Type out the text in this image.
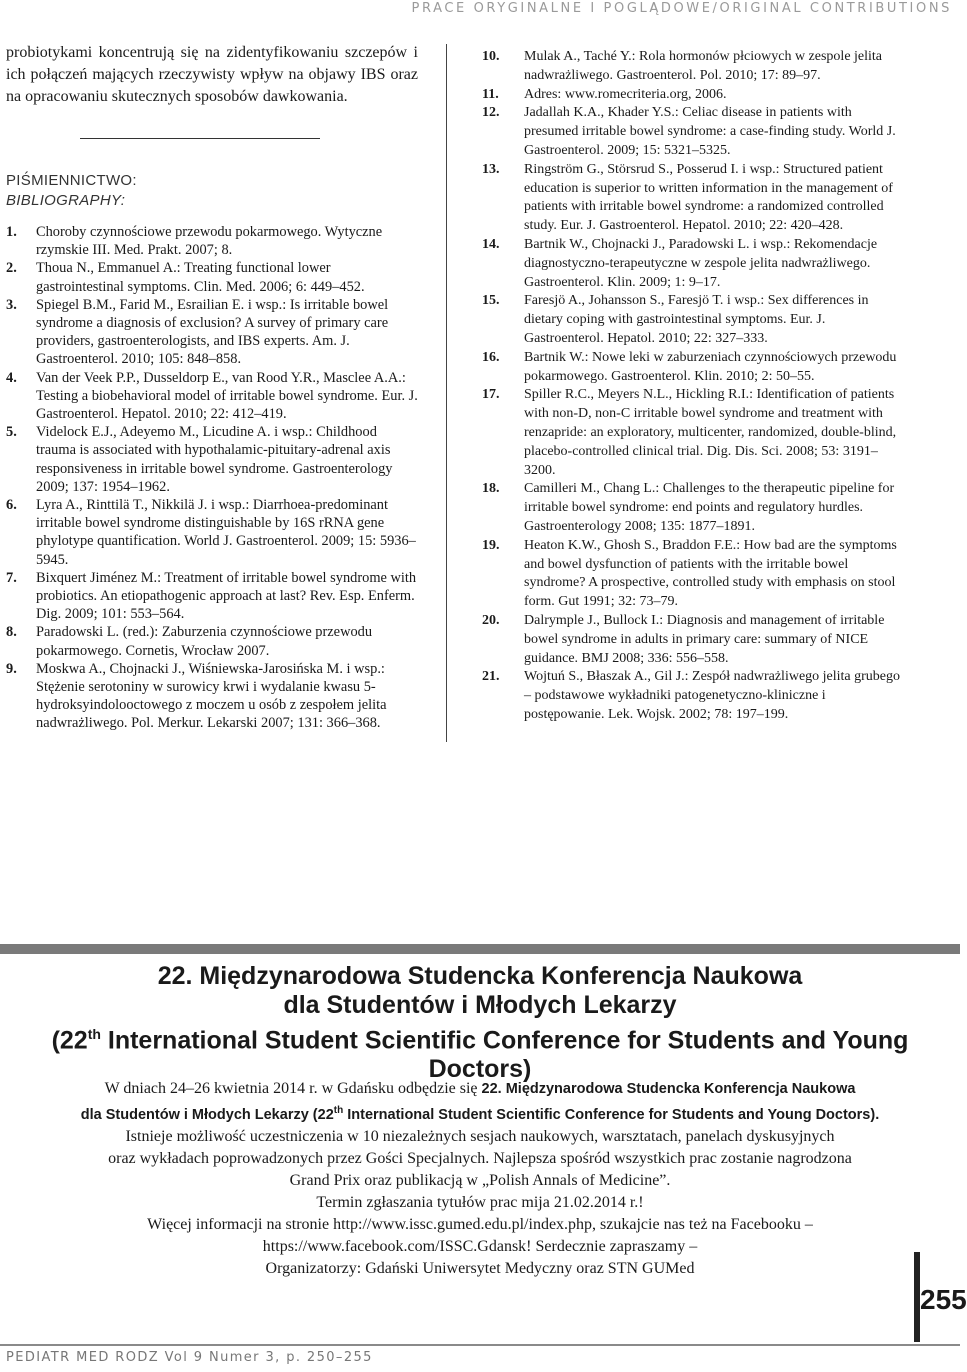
PRACE ORYGINALNE I POGLĄDOWE/ORIGINAL CONTRIBUTIONS

probiotykami koncentrują się na zidentyfikowaniu szczepów i ich połączeń mających rzeczywisty wpływ na objawy IBS oraz na opracowaniu skutecznych sposobów dawkowania.

PIŚMIENNICTWO:
BIBLIOGRAPHY:
1.	Choroby czynnościowe przewodu pokarmowego. Wytyczne rzymskie III. Med. Prakt. 2007; 8.
2.	Thoua N., Emmanuel A.: Treating functional lower gastrointestinal symptoms. Clin. Med. 2006; 6: 449–452.
3.	Spiegel B.M., Farid M., Esrailian E. i wsp.: Is irritable bowel syndrome a diagnosis of exclusion? A survey of primary care providers, gastroenterologists, and IBS experts. Am. J. Gastroenterol. 2010; 105: 848–858.
4.	Van der Veek P.P., Dusseldorp E., van Rood Y.R., Masclee A.A.: Testing a biobehavioral model of irritable bowel syndrome. Eur. J. Gastroenterol. Hepatol. 2010; 22: 412–419.
5.	Videlock E.J., Adeyemo M., Licudine A. i wsp.: Childhood trauma is associated with hypothalamic-pituitary-adrenal axis responsiveness in irritable bowel syndrome. Gastroenterology 2009; 137: 1954–1962.
6.	Lyra A., Rinttilä T., Nikkilä J. i wsp.: Diarrhoea-predominant irritable bowel syndrome distinguishable by 16S rRNA gene phylotype quantification. World J. Gastroenterol. 2009; 15: 5936–5945.
7.	Bixquert Jiménez M.: Treatment of irritable bowel syndrome with probiotics. An etiopathogenic approach at last? Rev. Esp. Enferm. Dig. 2009; 101: 553–564.
8.	Paradowski L. (red.): Zaburzenia czynnościowe przewodu pokarmowego. Cornetis, Wrocław 2007.
9.	Moskwa A., Chojnacki J., Wiśniewska-Jarosińska M. i wsp.: Stężenie serotoniny w surowicy krwi i wydalanie kwasu 5-hydroksyindolooctowego z moczem u osób z zespołem jelita nadwrażliwego. Pol. Merkur. Lekarski 2007; 131: 366–368.
10.	Mulak A., Taché Y.: Rola hormonów płciowych w zespole jelita nadwrażliwego. Gastroenterol. Pol. 2010; 17: 89–97.
11.	Adres: www.romecriteria.org, 2006.
12.	Jadallah K.A., Khader Y.S.: Celiac disease in patients with presumed irritable bowel syndrome: a case-finding study. World J. Gastroenterol. 2009; 15: 5321–5325.
13.	Ringström G., Störsrud S., Posserud I. i wsp.: Structured patient education is superior to written information in the management of patients with irritable bowel syndrome: a randomized controlled study. Eur. J. Gastroenterol. Hepatol. 2010; 22: 420–428.
14.	Bartnik W., Chojnacki J., Paradowski L. i wsp.: Rekomendacje diagnostyczno-terapeutyczne w zespole jelita nadwrażliwego. Gastroenterol. Klin. 2009; 1: 9–17.
15.	Faresjö A., Johansson S., Faresjö T. i wsp.: Sex differences in dietary coping with gastrointestinal symptoms. Eur. J. Gastroenterol. Hepatol. 2010; 22: 327–333.
16.	Bartnik W.: Nowe leki w zaburzeniach czynnościowych przewodu pokarmowego. Gastroenterol. Klin. 2010; 2: 50–55.
17.	Spiller R.C., Meyers N.L., Hickling R.I.: Identification of patients with non-D, non-C irritable bowel syndrome and treatment with renzapride: an exploratory, multicenter, randomized, double-blind, placebo-controlled clinical trial. Dig. Dis. Sci. 2008; 53: 3191–3200.
18.	Camilleri M., Chang L.: Challenges to the therapeutic pipeline for irritable bowel syndrome: end points and regulatory hurdles. Gastroenterology 2008; 135: 1877–1891.
19.	Heaton K.W., Ghosh S., Braddon F.E.: How bad are the symptoms and bowel dysfunction of patients with the irritable bowel syndrome? A prospective, controlled study with emphasis on stool form. Gut 1991; 32: 73–79.
20.	Dalrymple J., Bullock I.: Diagnosis and management of irritable bowel syndrome in adults in primary care: summary of NICE guidance. BMJ 2008; 336: 556–558.
21.	Wojtuń S., Błaszak A., Gil J.: Zespół nadwrażliwego jelita grubego – podstawowe wykładniki patogenetyczno-kliniczne i postępowanie. Lek. Wojsk. 2002; 78: 197–199.
22. Międzynarodowa Studencka Konferencja Naukowa
dla Studentów i Młodych Lekarzy
(22th International Student Scientific Conference for Students and Young Doctors)
W dniach 24–26 kwietnia 2014 r. w Gdańsku odbędzie się 22. Międzynarodowa Studencka Konferencja Naukowa
dla Studentów i Młodych Lekarzy (22th International Student Scientific Conference for Students and Young Doctors).
Istnieje możliwość uczestniczenia w 10 niezależnych sesjach naukowych, warsztatach, panelach dyskusyjnych
oraz wykładach poprowadzonych przez Gości Specjalnych. Najlepsza spośród wszystkich prac zostanie nagrodzona
Grand Prix oraz publikacją w „Polish Annals of Medicine”.
Termin zgłaszania tytułów prac mija 21.02.2014 r.!
Więcej informacji na stronie http://www.issc.gumed.edu.pl/index.php, szukajcie nas też na Facebooku –
https://www.facebook.com/ISSC.Gdansk! Serdecznie zapraszamy –
Organizatorzy: Gdański Uniwersytet Medyczny oraz STN GUMed
255
PEDIATR MED RODZ Vol 9 Numer 3, p. 250–255
